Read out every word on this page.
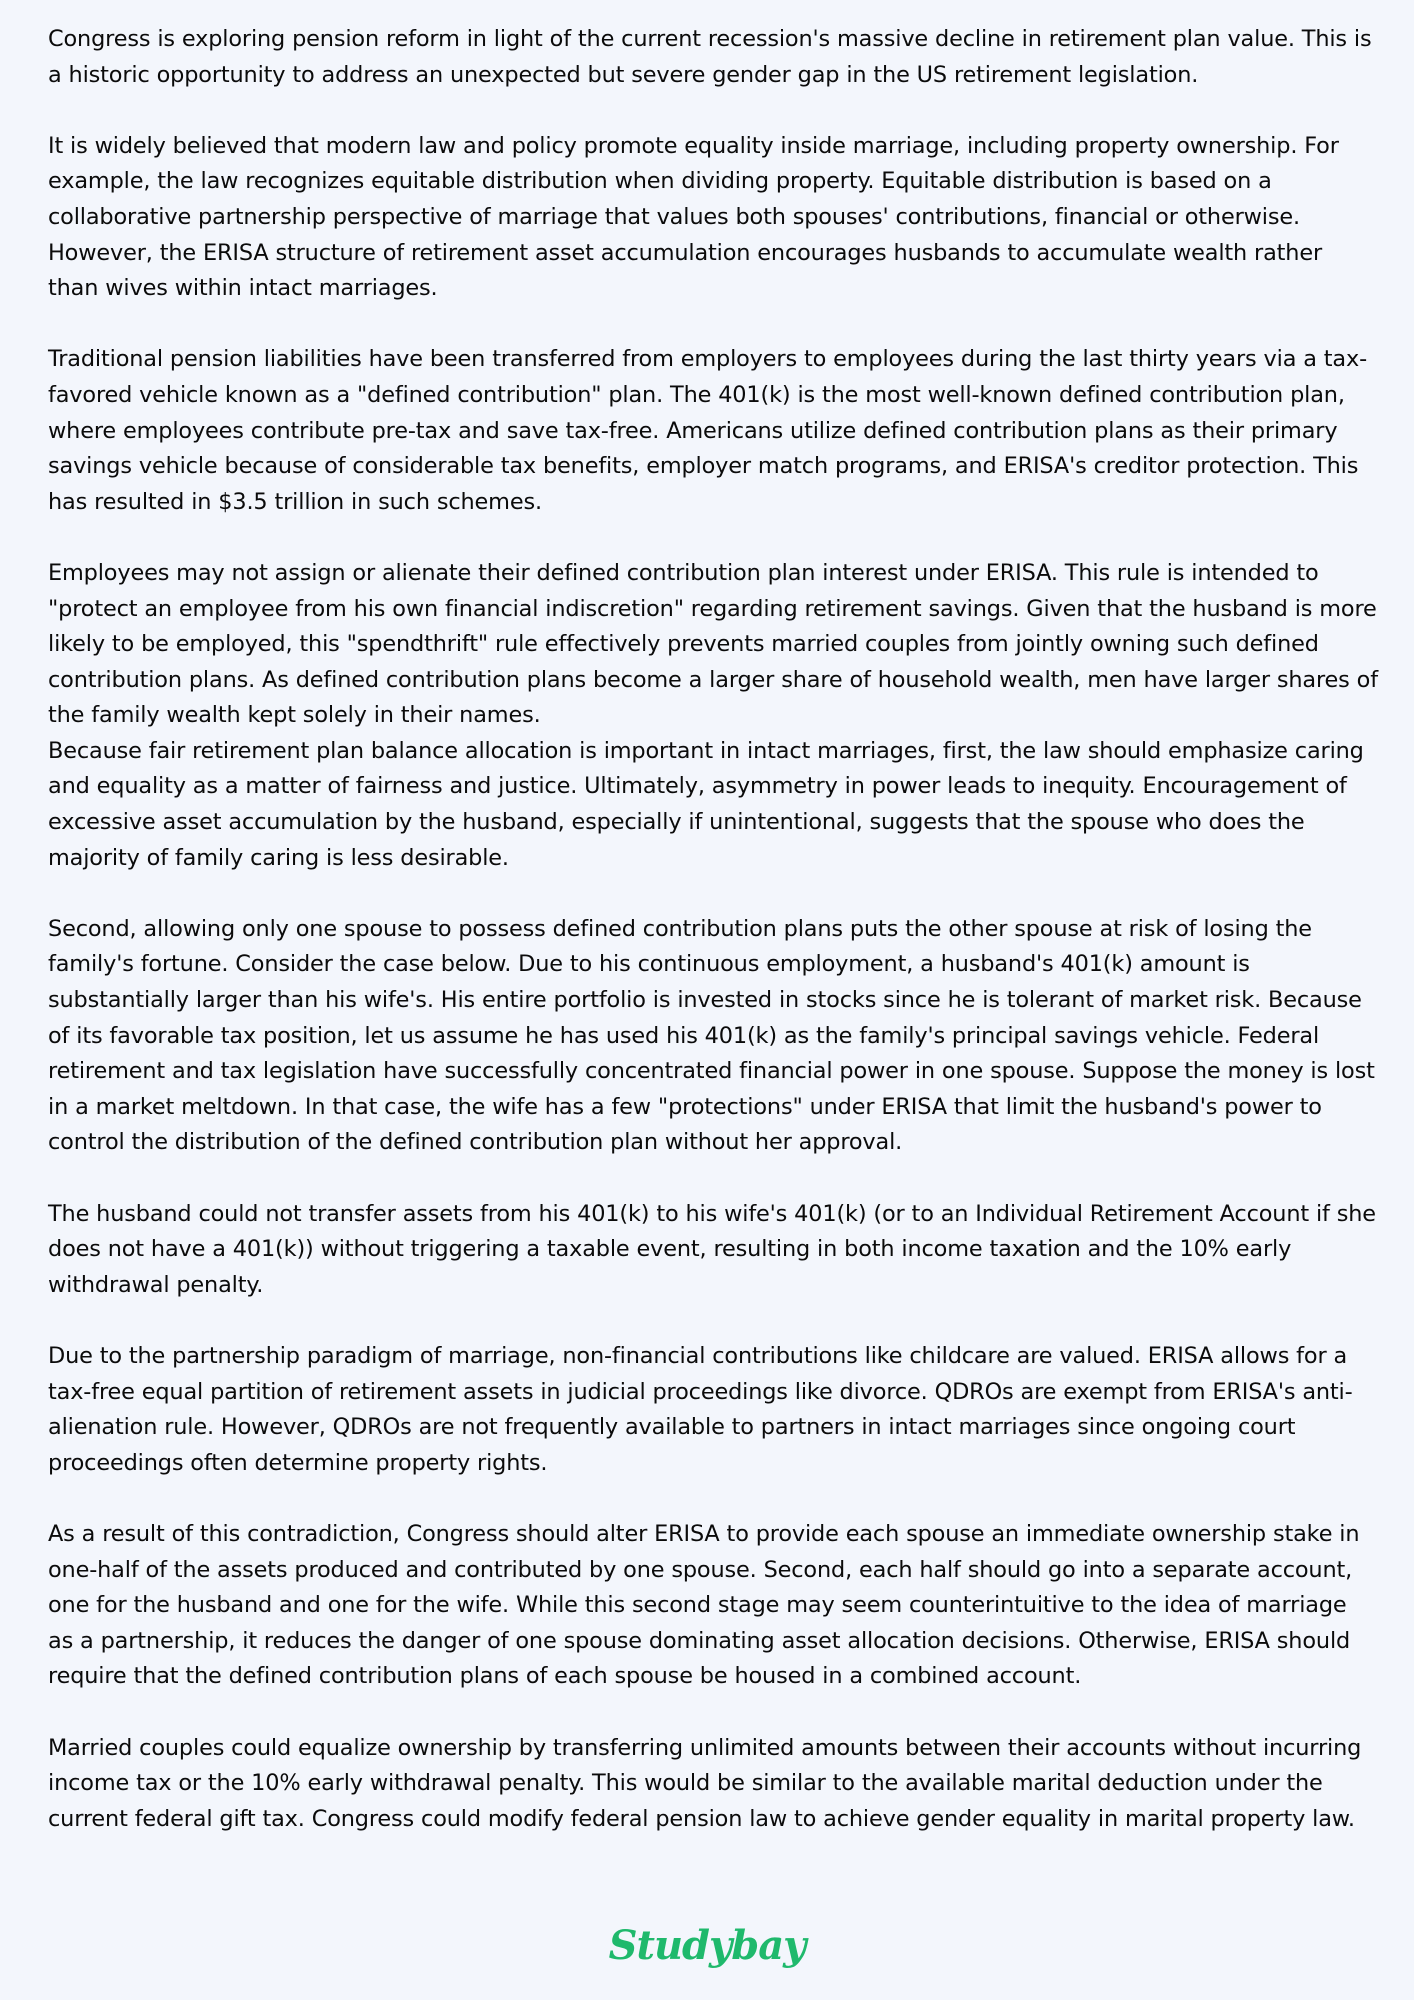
Congress is exploring pension reform in light of the current recession's massive decline in retirement plan value. This is a historic opportunity to address an unexpected but severe gender gap in the US retirement legislation.

It is widely believed that modern law and policy promote equality inside marriage, including property ownership. For example, the law recognizes equitable distribution when dividing property. Equitable distribution is based on a collaborative partnership perspective of marriage that values both spouses' contributions, financial or otherwise. However, the ERISA structure of retirement asset accumulation encourages husbands to accumulate wealth rather than wives within intact marriages.

Traditional pension liabilities have been transferred from employers to employees during the last thirty years via a tax-favored vehicle known as a "defined contribution" plan. The 401(k) is the most well-known defined contribution plan, where employees contribute pre-tax and save tax-free. Americans utilize defined contribution plans as their primary savings vehicle because of considerable tax benefits, employer match programs, and ERISA's creditor protection. This has resulted in $3.5 trillion in such schemes.

Employees may not assign or alienate their defined contribution plan interest under ERISA. This rule is intended to "protect an employee from his own financial indiscretion" regarding retirement savings. Given that the husband is more likely to be employed, this "spendthrift" rule effectively prevents married couples from jointly owning such defined contribution plans. As defined contribution plans become a larger share of household wealth, men have larger shares of the family wealth kept solely in their names.

Because fair retirement plan balance allocation is important in intact marriages, first, the law should emphasize caring and equality as a matter of fairness and justice. Ultimately, asymmetry in power leads to inequity. Encouragement of excessive asset accumulation by the husband, especially if unintentional, suggests that the spouse who does the majority of family caring is less desirable.

Second, allowing only one spouse to possess defined contribution plans puts the other spouse at risk of losing the family's fortune. Consider the case below. Due to his continuous employment, a husband's 401(k) amount is substantially larger than his wife's. His entire portfolio is invested in stocks since he is tolerant of market risk. Because of its favorable tax position, let us assume he has used his 401(k) as the family's principal savings vehicle. Federal retirement and tax legislation have successfully concentrated financial power in one spouse. Suppose the money is lost in a market meltdown. In that case, the wife has a few "protections" under ERISA that limit the husband's power to control the distribution of the defined contribution plan without her approval.

The husband could not transfer assets from his 401(k) to his wife's 401(k) (or to an Individual Retirement Account if she does not have a 401(k)) without triggering a taxable event, resulting in both income taxation and the 10% early withdrawal penalty.

Due to the partnership paradigm of marriage, non-financial contributions like childcare are valued. ERISA allows for a tax-free equal partition of retirement assets in judicial proceedings like divorce. QDROs are exempt from ERISA's anti-alienation rule. However, QDROs are not frequently available to partners in intact marriages since ongoing court proceedings often determine property rights.

As a result of this contradiction, Congress should alter ERISA to provide each spouse an immediate ownership stake in one-half of the assets produced and contributed by one spouse. Second, each half should go into a separate account, one for the husband and one for the wife. While this second stage may seem counterintuitive to the idea of marriage as a partnership, it reduces the danger of one spouse dominating asset allocation decisions. Otherwise, ERISA should require that the defined contribution plans of each spouse be housed in a combined account.

Married couples could equalize ownership by transferring unlimited amounts between their accounts without incurring income tax or the 10% early withdrawal penalty. This would be similar to the available marital deduction under the current federal gift tax. Congress could modify federal pension law to achieve gender equality in marital property law.

Studybay
